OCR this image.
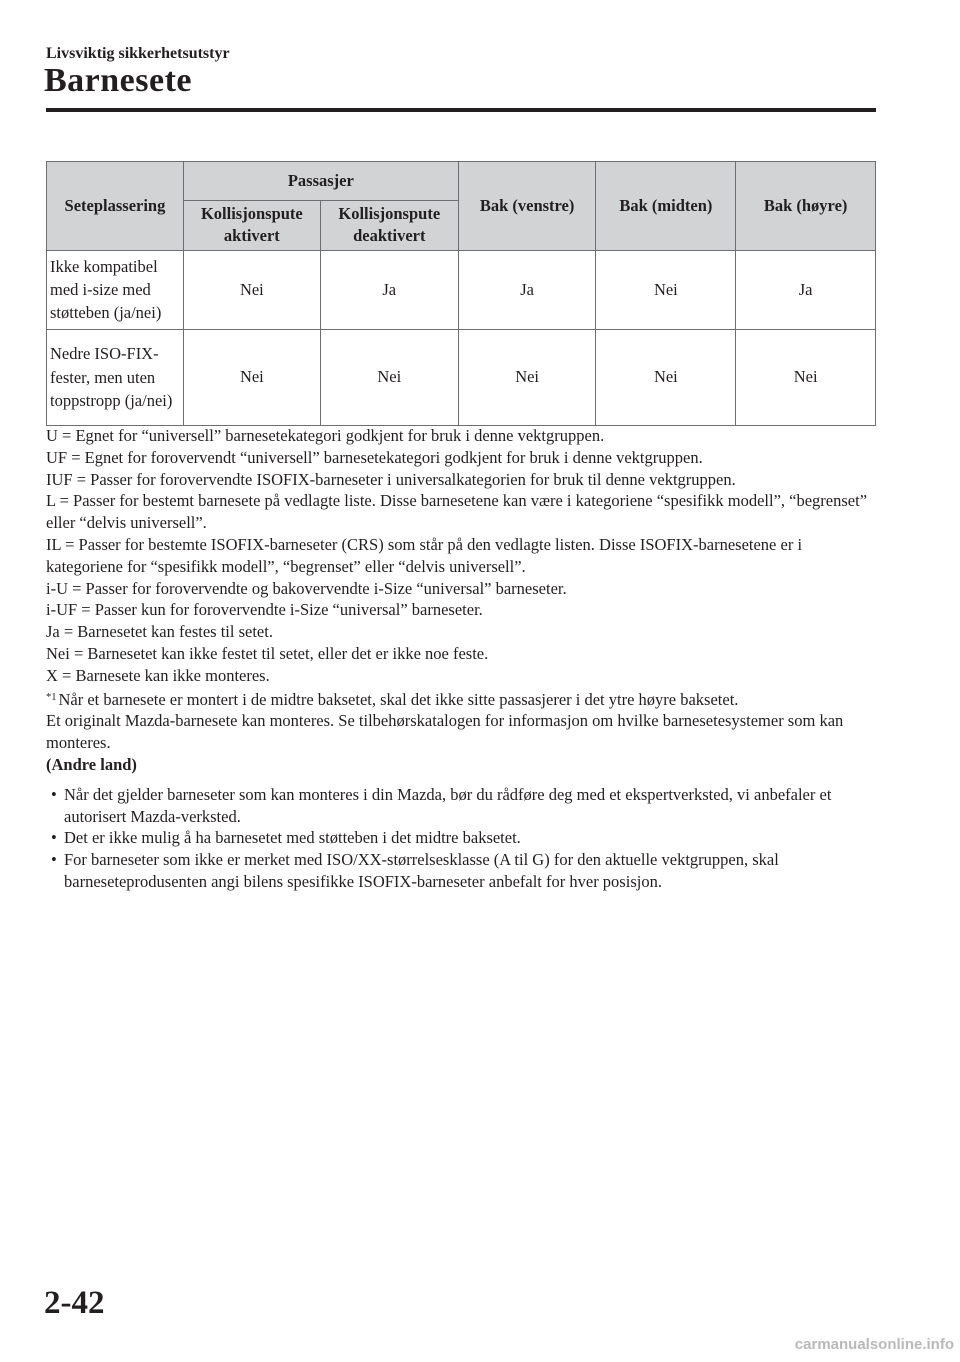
Livsviktig sikkerhetsutstyr
Barnesete
Seteplassering	Passasjer		Bak (venstre)	Bak (midten)	Bak (høyre)
	Kollisjonspute aktivert	Kollisjonspute deaktivert			
Ikke kompatibel med i-size med støtteben (ja/nei)	Nei	Ja	Ja	Nei	Ja
Nedre ISO-FIX-fester, men uten toppstropp (ja/nei)	Nei	Nei	Nei	Nei	Nei

U = Egnet for “universell” barnesetekategori godkjent for bruk i denne vektgruppen.

UF = Egnet for forovervendt “universell” barnesetekategori godkjent for bruk i denne vektgruppen.

IUF = Passer for forovervendte ISOFIX-barneseter i universalkategorien for bruk til denne vektgruppen.

L = Passer for bestemt barnesete på vedlagte liste. Disse barnesetene kan være i kategoriene “spesifikk modell”, “begrenset” eller “delvis universell”.

IL = Passer for bestemte ISOFIX-barneseter (CRS) som står på den vedlagte listen. Disse ISOFIX-barnesetene er i kategoriene for “spesifikk modell”, “begrenset” eller “delvis universell”.

i-U = Passer for forovervendte og bakovervendte i-Size “universal” barneseter.

i-UF = Passer kun for forovervendte i-Size “universal” barneseter.

Ja = Barnesetet kan festes til setet.

Nei = Barnesetet kan ikke festet til setet, eller det er ikke noe feste.

X = Barnesete kan ikke monteres.

$^{*1}$ Når et barnesete er montert i de midtre baksetet, skal det ikke sitte passasjerer i det ytre høyre baksetet.

Et originalt Mazda-barnesete kan monteres. Se tilbehørskatalogen for informasjon om hvilke barnesetesystemer som kan monteres.

(Andre land)

• Når det gjelder barneseter som kan monteres i din Mazda, bør du rådføre deg med et ekspertverksted, vi anbefaler et autorisert Mazda-verksted.
• Det er ikke mulig å ha barnesetet med støtteben i det midtre baksetet.
• For barneseter som ikke er merket med ISO/XX-størrelsesklasse (A til G) for den aktuelle vektgruppen, skal barneseteprodusenten angi bilens spesifikke ISOFIX-barneseter anbefalt for hver posisjon.
2-42
carmanualsonline.info
